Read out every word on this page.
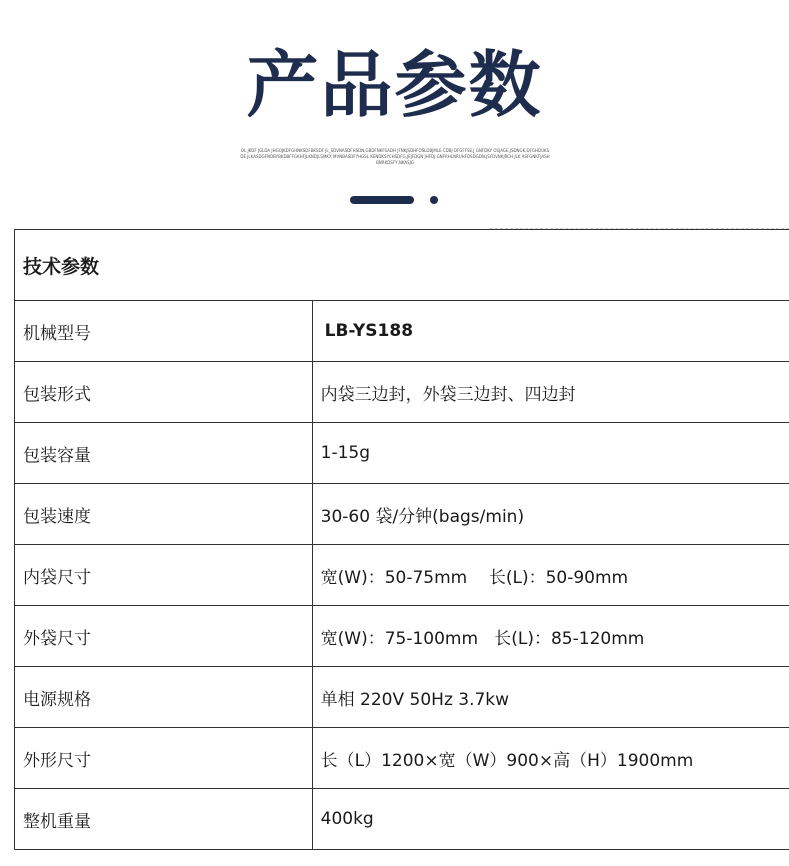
产品参数
OL JKDF JGLDA JHGOJKDFGHNKSDFBKSDF JL_SDVNASDFHSDN,GBDFNKFSADH JFNKJSDHFOSLDBJMLE CDBJ DFGFFSE,J GNFDKY OSJAGE,JSDNGK,DFGHDUKSDE JLKASDGFNOBYBKDBFFGKHFJLKNDJLSMKX MVNBASDFYHGSL KENDKSYCHSDFG,JEJFDGN JHFDJ GNFRHLNRUHFDSDGDN,JSFDVNKJRCH JLK ASFGNKFJASHBNRKDSFY,NKASJG
技术参数	
机械型号	LB-YS188
包装形式	内袋三边封，外袋三边封、四边封
包装容量	1-15g
包装速度	30-60 袋/分钟(bags/min)
内袋尺寸	宽(W)：50-75mm    长(L)：50-90mm
外袋尺寸	宽(W)：75-100mm   长(L)：85-120mm
电源规格	单相 220V 50Hz 3.7kw
外形尺寸	长（L）1200×宽（W）900×高（H）1900mm
整机重量	400kg
